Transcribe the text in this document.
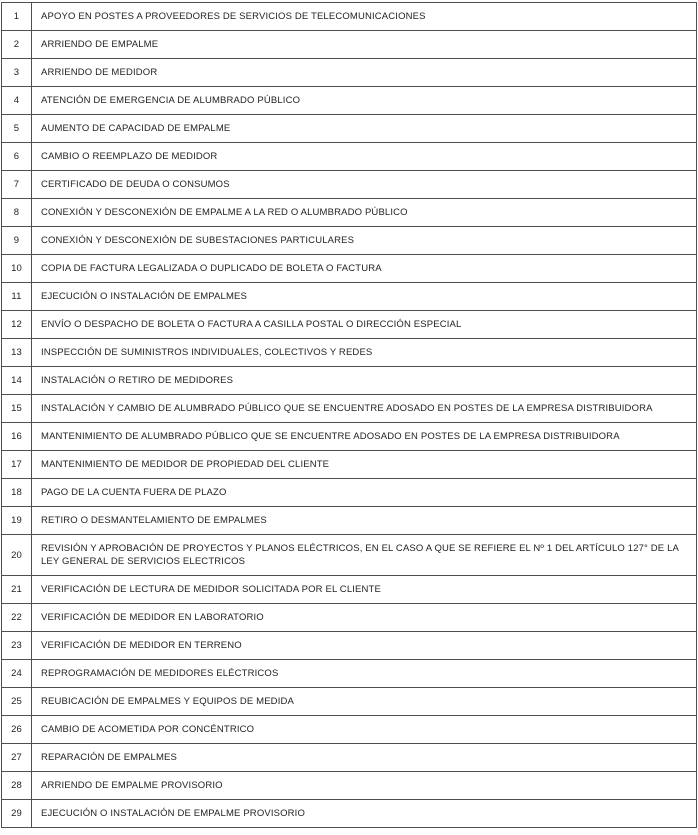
1	APOYO EN POSTES A PROVEEDORES DE SERVICIOS DE TELECOMUNICACIONES
2	ARRIENDO DE EMPALME
3	ARRIENDO DE MEDIDOR
4	ATENCIÓN DE EMERGENCIA DE ALUMBRADO PÚBLICO
5	AUMENTO DE CAPACIDAD DE EMPALME
6	CAMBIO O REEMPLAZO DE MEDIDOR
7	CERTIFICADO DE DEUDA O CONSUMOS
8	CONEXIÓN Y DESCONEXIÓN DE EMPALME A LA RED O ALUMBRADO PÚBLICO
9	CONEXIÓN Y DESCONEXIÓN DE SUBESTACIONES PARTICULARES
10	COPIA DE FACTURA LEGALIZADA O DUPLICADO DE BOLETA O FACTURA
11	EJECUCIÓN O INSTALACIÓN DE EMPALMES
12	ENVÍO O DESPACHO DE BOLETA O FACTURA A CASILLA POSTAL O DIRECCIÓN ESPECIAL
13	INSPECCIÓN DE SUMINISTROS INDIVIDUALES, COLECTIVOS Y REDES
14	INSTALACIÓN O RETIRO DE MEDIDORES
15	INSTALACIÓN Y CAMBIO DE ALUMBRADO PÚBLICO QUE SE ENCUENTRE ADOSADO EN POSTES DE LA EMPRESA DISTRIBUIDORA
16	MANTENIMIENTO DE ALUMBRADO PÚBLICO QUE SE ENCUENTRE ADOSADO EN POSTES DE LA EMPRESA DISTRIBUIDORA
17	MANTENIMIENTO DE MEDIDOR DE PROPIEDAD DEL CLIENTE
18	PAGO DE LA CUENTA FUERA DE PLAZO
19	RETIRO O DESMANTELAMIENTO DE EMPALMES
20	REVISIÓN Y APROBACIÓN DE PROYECTOS Y PLANOS ELÉCTRICOS, EN EL CASO A QUE SE REFIERE EL Nº 1 DEL ARTÍCULO 127° DE LA LEY GENERAL DE SERVICIOS ELECTRICOS
21	VERIFICACIÓN DE LECTURA DE MEDIDOR SOLICITADA POR EL CLIENTE
22	VERIFICACIÓN DE MEDIDOR EN LABORATORIO
23	VERIFICACIÓN DE MEDIDOR EN TERRENO
24	REPROGRAMACIÓN DE MEDIDORES ELÉCTRICOS
25	REUBICACIÓN DE EMPALMES Y EQUIPOS DE MEDIDA
26	CAMBIO DE ACOMETIDA POR CONCÉNTRICO
27	REPARACIÓN DE EMPALMES
28	ARRIENDO DE EMPALME PROVISORIO
29	EJECUCIÓN O INSTALACIÓN DE EMPALME PROVISORIO
